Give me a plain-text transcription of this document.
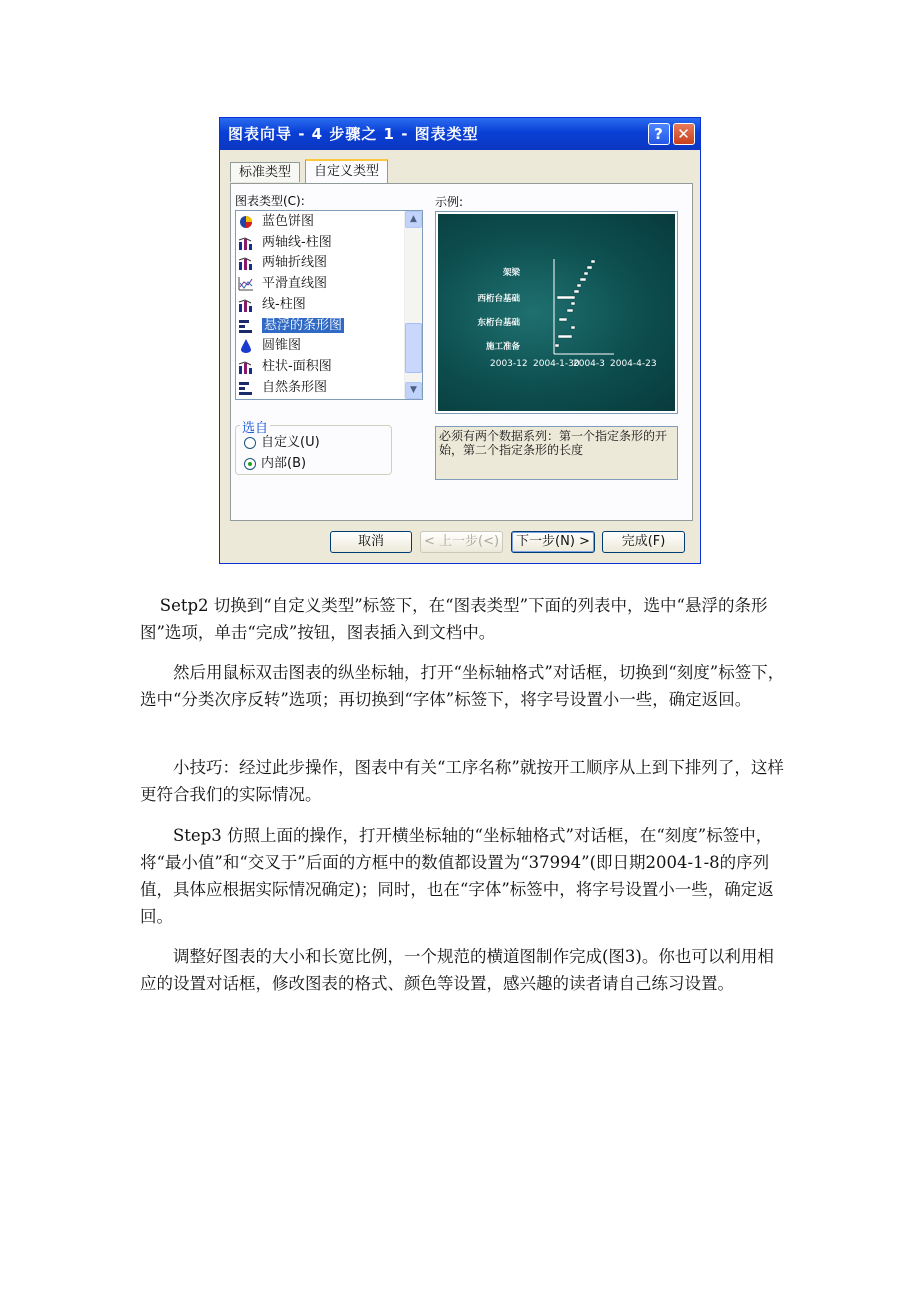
图表向导 - 4 步骤之 1 - 图表类型	? ✕
标准类型	自定义类型
图表类型(C):
蓝色饼图
两轴线-柱图
两轴折线图
平滑直线图
线-柱图
悬浮的条形图
圆锥图
柱状-面积图
自然条形图
▲
▼
选自
自定义(U)
内部(B)
示例:
架梁
西桁台基础
东桁台基础
施工准备
2003-12 2004-1-30
2004-3 2004-4-23
必须有两个数据系列：第一个指定条形的开始，第二个指定条形的长度
取消	< 上一步(<)	下一步(N) >	完成(F)
Setp2 切换到“自定义类型”标签下，在“图表类型”下面的列表中，选中“悬浮的条形图”选项，单击“完成”按钮，图表插入到文档中。
然后用鼠标双击图表的纵坐标轴，打开“坐标轴格式”对话框，切换到“刻度”标签下，选中“分类次序反转”选项；再切换到“字体”标签下，将字号设置小一些，确定返回。
小技巧：经过此步操作，图表中有关“工序名称”就按开工顺序从上到下排列了，这样更符合我们的实际情况。
Step3 仿照上面的操作，打开横坐标轴的“坐标轴格式”对话框，在“刻度”标签中，将“最小值”和“交叉于”后面的方框中的数值都设置为“37994”(即日期2004-1-8的序列值，具体应根据实际情况确定)；同时，也在“字体”标签中，将字号设置小一些，确定返回。
调整好图表的大小和长宽比例，一个规范的横道图制作完成(图3)。你也可以利用相应的设置对话框，修改图表的格式、颜色等设置，感兴趣的读者请自己练习设置。
